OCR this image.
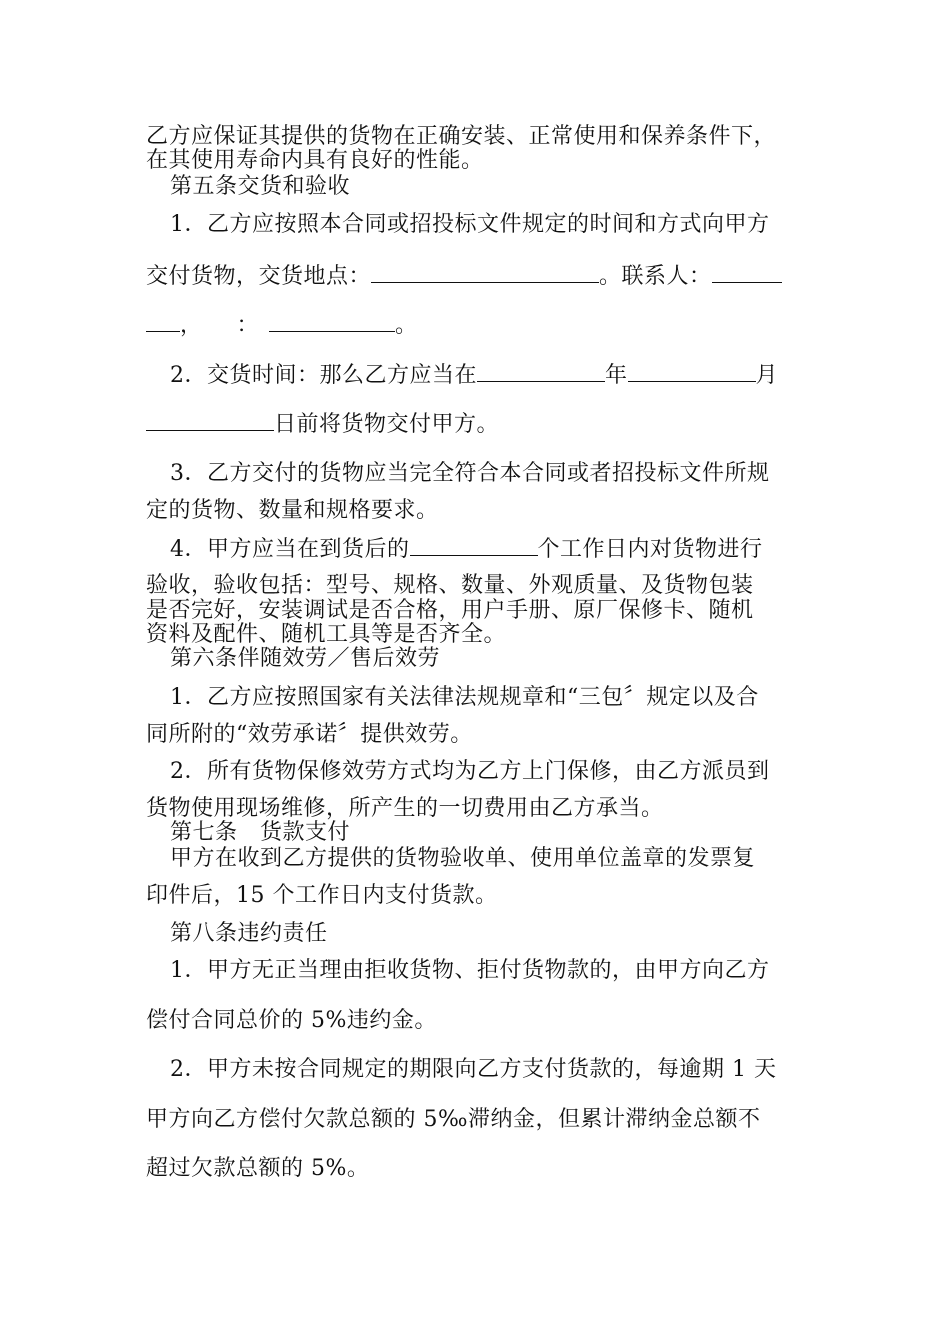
乙方应保证其提供的货物在正确安装、正常使用和保养条件下，
在其使用寿命内具有良好的性能。
第五条交货和验收
1．乙方应按照本合同或招投标文件规定的时间和方式向甲方
交付货物，交货地点：	。联系人：
， ：	。
2．交货时间：那么乙方应当在	年	月
日前将货物交付甲方。
3．乙方交付的货物应当完全符合本合同或者招投标文件所规
定的货物、数量和规格要求。
4．甲方应当在到货后的	个工作日内对货物进行
验收，验收包括：型号、规格、数量、外观质量、及货物包装
是否完好，安装调试是否合格，用户手册、原厂保修卡、随机
资料及配件、随机工具等是否齐全。
第六条伴随效劳／售后效劳
1．乙方应按照国家有关法律法规规章和“三包〞规定以及合
同所附的“效劳承诺〞提供效劳。
2．所有货物保修效劳方式均为乙方上门保修，由乙方派员到
货物使用现场维修，所产生的一切费用由乙方承当。
第七条　货款支付
甲方在收到乙方提供的货物验收单、使用单位盖章的发票复
印件后，15 个工作日内支付货款。
第八条违约责任
1．甲方无正当理由拒收货物、拒付货物款的，由甲方向乙方
偿付合同总价的 5%违约金。
2．甲方未按合同规定的期限向乙方支付货款的，每逾期 1 天
甲方向乙方偿付欠款总额的 5‰滞纳金，但累计滞纳金总额不
超过欠款总额的 5%。
